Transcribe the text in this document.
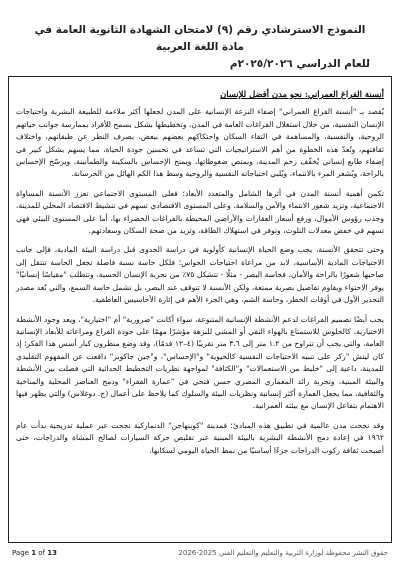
النموذج الاسترشادي رقم (٩) لامتحان الشهادة الثانوية العامة في مادة اللغة العربية
للعام الدراسي ٢٠٢٥/٢٠٢٦م
أنسنة الفراغ العمراني: نحو مدن أفضل للإنسان

يُقصد بـ "أنسنة الفراغ العمراني" إضفاء النزعة الإنسانية على المدن لجعلها أكثر ملاءمة للطبيعة البشرية واحتياجات الإنسان النفسية، من خلال استغلال الفراغات العامة في المدن، وتخطيطها بشكل يسمح للأفراد بممارسة جوانب حياتهم الروحية، والنفسية، والمساهمة في التقاء السكان واحتكاكهم بعضهم ببعض، بصرف النظر عن طبقاتهم، واختلاف ثقافتهم، وتُعدّ هذه الخطوة من أهم الاستراتيجيات التي تساعد في تحسين جودة الحياة، مما يسهم بشكل كبير في إضفاء طابع إنساني يُخفّف زخم المدينة، ويمتص ضغوطاتها، ويمنح الإحساس بالسكينة والطمأنينة، ويرسّخ الإحساس بالراحة، ويُشعر المرء بالانتماء، ويُلبي احتياجاته النفسية والروحية وسط هذا الكم الهائل من الخرسانة.

تكمن أهمية أنسنة المدن في أثرها الشامل والمتعدد الأبعاد؛ فعلى المستوى الاجتماعي تعزز الأنسنة المساواة الاجتماعية، وتزيد شعور الانتماء والأمن والسلامة، وعلى المستوى الاقتصادي تسهم في تنشيط الاقتصاد المحلي للمدينة، وجذب رؤوس الأموال، ورفع أسعار العقارات والأراضي المحيطة بالفراغات الخضراء بها، أما على المستوى البيئي فهي تسهم في خفض معدلات التلوث، وتوفر في استهلاك الطاقة، وتزيد من صحة السكان وسعادتهم.

وحتى تتحقق الأنسنة، يجب وضع الحياة الإنسانية كأولوية في دراسة الجدوى قبل دراسة البيئة المادية، فإلى جانب الاحتياجات المادية الأساسية، لابد من مراعاة احتياجات الحواس؛ فلكل حاسة نسبة فاصلة تجعل الحاسة تنتقل إلى صاحبها شعورًا بالراحة والأمان، فحاسة البصر - مثلًا - تتشكل ٧٥٪ من تجربة الإنسان الحسية، وتتطلب "مقياسًا إنسانيًا" يوفر الاحتواء ويقاوم تفاصيل بصرية ممتعة، ولكن الأنسنة لا تتوقف عند البصر، بل تشمل حاسة السمع، والتي تُعد مصدر التحذير الأول في أوقات الخطر، وحاسة الشم، وهي الجزء الأهم في إثارة الأحاسيس العاطفية.

يجب أيضًا تصميم الفراغات لدعم الأنشطة الإنسانية المتنوعة، سواء أكانت "ضرورية" أم "اختيارية"، ويعد وجود الأنشطة الاختيارية، كالجلوس للاستمتاع بالهواء النقي أو المشي للنزهة مؤشرًا مهمًا على جودة الفراغ ومراعاته للأبعاد الإنسانية العامة، والتي يجب أن تتراوح من ١.٢ متر إلى ٣.٦ متر تقريبًا (٤–١٢ قدمًا)، وقد وضع منظرون كبار أسس هذا الفكر؛ إذ كان لينش "ركز على تنبيه الاحتياجات النفسية كالحيوية" و"الإحساس"، و"جين جاكوبز" دافعت عن المفهوم التقليدي للمدينة، داعية إلى "خليط من الاستعمالات" و"الكثافة" لمواجهة نظريات التخطيط الحداثية التي فصلت بين الأنشطة والبيئة المبنية، وتجربة رائد المعماري المصري حسن فتحي في "عمارة الفقراء" ودمج العناصر المحلية والمناخية والثقافية، مما يجعل العمارة أكثر إنسانية ونظريات البيئة والسلوك كما يلاحظ على أعمال (ج. دوغلاس) والتي يظهر فيها الاهتمام بتفاعل الإنسان مع بيئته العمرانية.

وقد نجحت مدن عالمية في تطبيق هذه المبادئ؛ فمدينة "كوبنهاجن" الدنماركية نجحت عبر عملية تدريجية بدأت عام ١٩٦٢ في إعادة دمج الأنشطة البشرية بالبيئة المبنية عبر تقليص حركة السيارات لصالح المشاة والدراجات، حتى أصبحت ثقافة ركوب الدراجات جزءًا أساسيًا من نمط الحياة اليومي لسكانها.

Page 1 of 13	حقوق النشر محفوظة لوزارة التربية والتعليم والتعليم الفني 2025-2026
